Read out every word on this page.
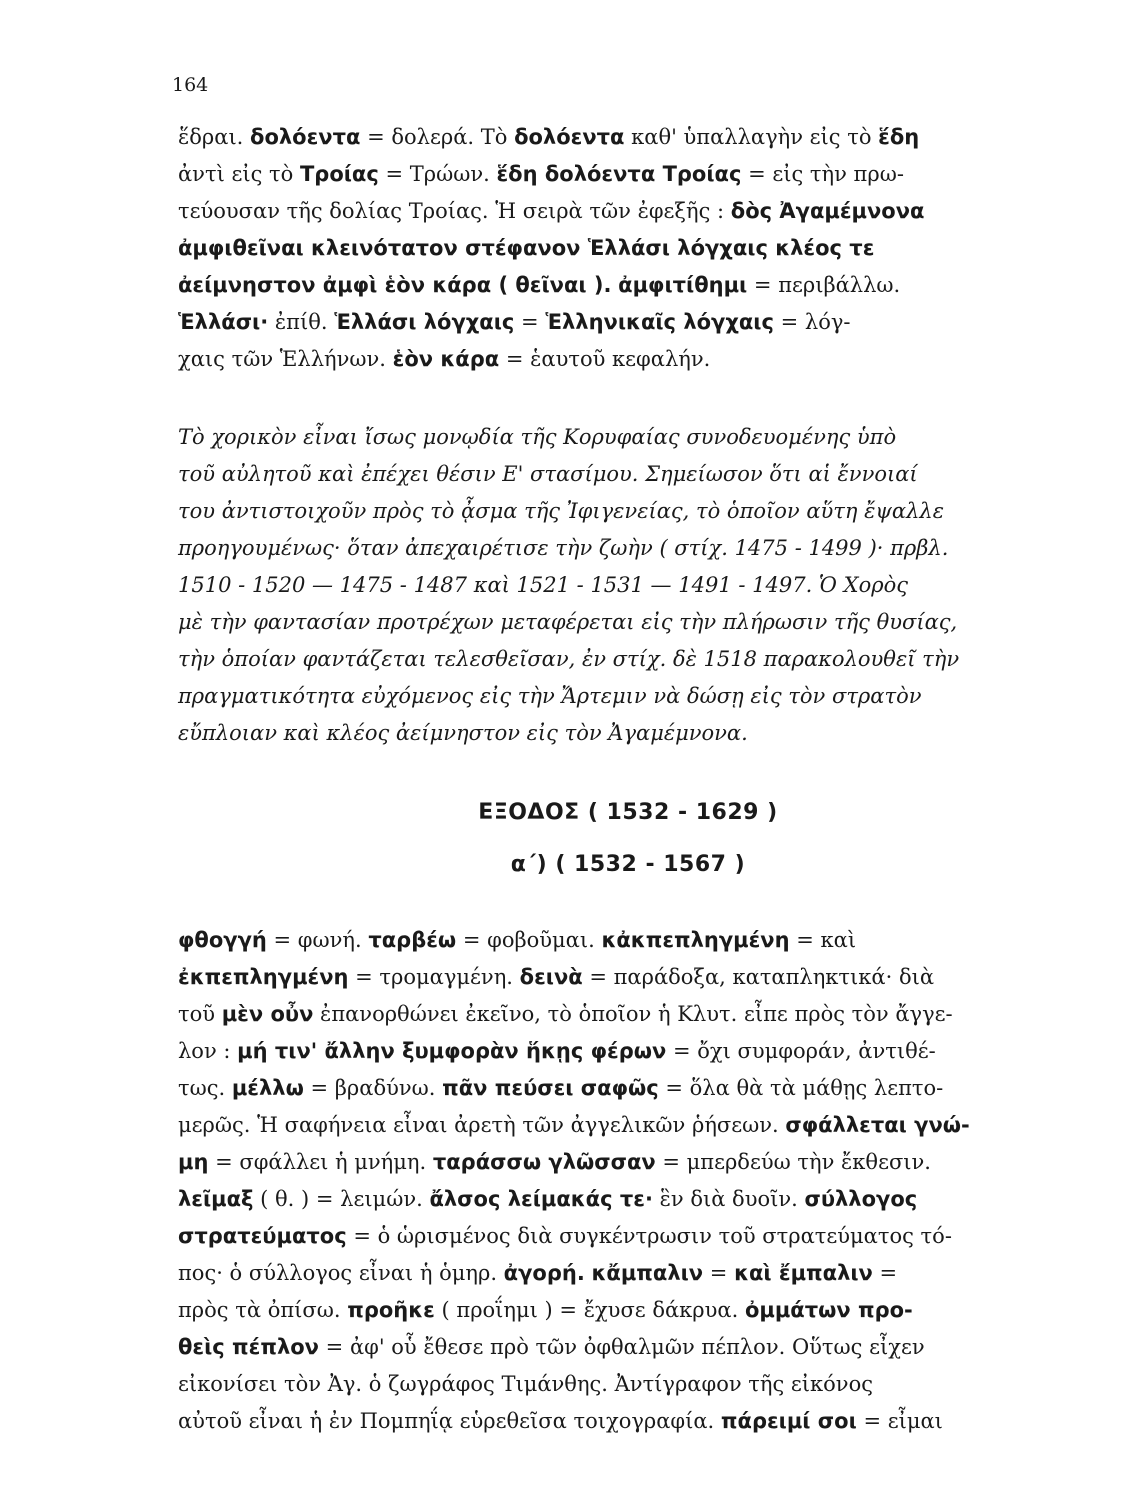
164
ἕδραι. δολόεντα = δολερά. Τὸ δολόεντα καθ' ὑπαλλαγὴν εἰς τὸ ἕδη
ἀντὶ εἰς τὸ Τροίας = Τρώων. ἕδη δολόεντα Τροίας = εἰς τὴν πρω-
τεύουσαν τῆς δολίας Τροίας. Ἡ σειρὰ τῶν ἐφεξῆς : δὸς Ἀγαμέμνονα
ἀμφιθεῖναι κλεινότατον στέφανον Ἑλλάσι λόγχαις κλέος τε
ἀείμνηστον ἀμφὶ ἑὸν κάρα ( θεῖναι ). ἀμφιτίθημι = περιβάλλω.
Ἑλλάσι· ἐπίθ. Ἑλλάσι λόγχαις = Ἑλληνικαῖς λόγχαις = λόγ-
χαις τῶν Ἑλλήνων. ἑὸν κάρα = ἑαυτοῦ κεφαλήν.
Τὸ χορικὸν εἶναι ἴσως μονῳδία τῆς Κορυφαίας συνοδευομένης ὑπὸ
τοῦ αὐλητοῦ καὶ ἐπέχει θέσιν Ε' στασίμου. Σημείωσον ὅτι αἱ ἔννοιαί
του ἀντιστοιχοῦν πρὸς τὸ ᾆσμα τῆς Ἰφιγενείας, τὸ ὁποῖον αὕτη ἔψαλλε
προηγουμένως· ὅταν ἀπεχαιρέτισε τὴν ζωὴν ( στίχ. 1475 - 1499 )· πρβλ.
1510 - 1520 — 1475 - 1487 καὶ 1521 - 1531 — 1491 - 1497. Ὁ Χορὸς
μὲ τὴν φαντασίαν προτρέχων μεταφέρεται εἰς τὴν πλήρωσιν τῆς θυσίας,
τὴν ὁποίαν φαντάζεται τελεσθεῖσαν, ἐν στίχ. δὲ 1518 παρακολουθεῖ τὴν
πραγματικότητα εὐχόμενος εἰς τὴν Ἄρτεμιν νὰ δώσῃ εἰς τὸν στρατὸν
εὔπλοιαν καὶ κλέος ἀείμνηστον εἰς τὸν Ἀγαμέμνονα.
ΕΞΟΔΟΣ ( 1532 - 1629 )
α΄) ( 1532 - 1567 )
φθογγή = φωνή. ταρβέω = φοβοῦμαι. κἀκπεπληγμένη = καὶ
ἐκπεπληγμένη = τρομαγμένη. δεινὰ = παράδοξα, καταπληκτικά· διὰ
τοῦ μὲν οὖν ἐπανορθώνει ἐκεῖνο, τὸ ὁποῖον ἡ Κλυτ. εἶπε πρὸς τὸν ἄγγε-
λον : μή τιν' ἄλλην ξυμφορὰν ἥκῃς φέρων = ὄχι συμφοράν, ἀντιθέ-
τως. μέλλω = βραδύνω. πᾶν πεύσει σαφῶς = ὅλα θὰ τὰ μάθῃς λεπτο-
μερῶς. Ἡ σαφήνεια εἶναι ἀρετὴ τῶν ἀγγελικῶν ῥήσεων. σφάλλεται γνώ-
μη = σφάλλει ἡ μνήμη. ταράσσω γλῶσσαν = μπερδεύω τὴν ἔκθεσιν.
λεῖμαξ ( θ. ) = λειμών. ἄλσος λείμακάς τε· ἓν διὰ δυοῖν. σύλλογος
στρατεύματος = ὁ ὡρισμένος διὰ συγκέντρωσιν τοῦ στρατεύματος τό-
πος· ὁ σύλλογος εἶναι ἡ ὁμηρ. ἀγορή. κἄμπαλιν = καὶ ἔμπαλιν =
πρὸς τὰ ὀπίσω. προῆκε ( προΐημι ) = ἔχυσε δάκρυα. ὀμμάτων προ-
θεὶς πέπλον = ἀφ' οὗ ἔθεσε πρὸ τῶν ὀφθαλμῶν πέπλον. Οὕτως εἶχεν
εἰκονίσει τὸν Ἀγ. ὁ ζωγράφος Τιμάνθης. Ἀντίγραφον τῆς εἰκόνος
αὐτοῦ εἶναι ἡ ἐν Πομπηΐᾳ εὑρεθεῖσα τοιχογραφία. πάρειμί σοι = εἶμαι
